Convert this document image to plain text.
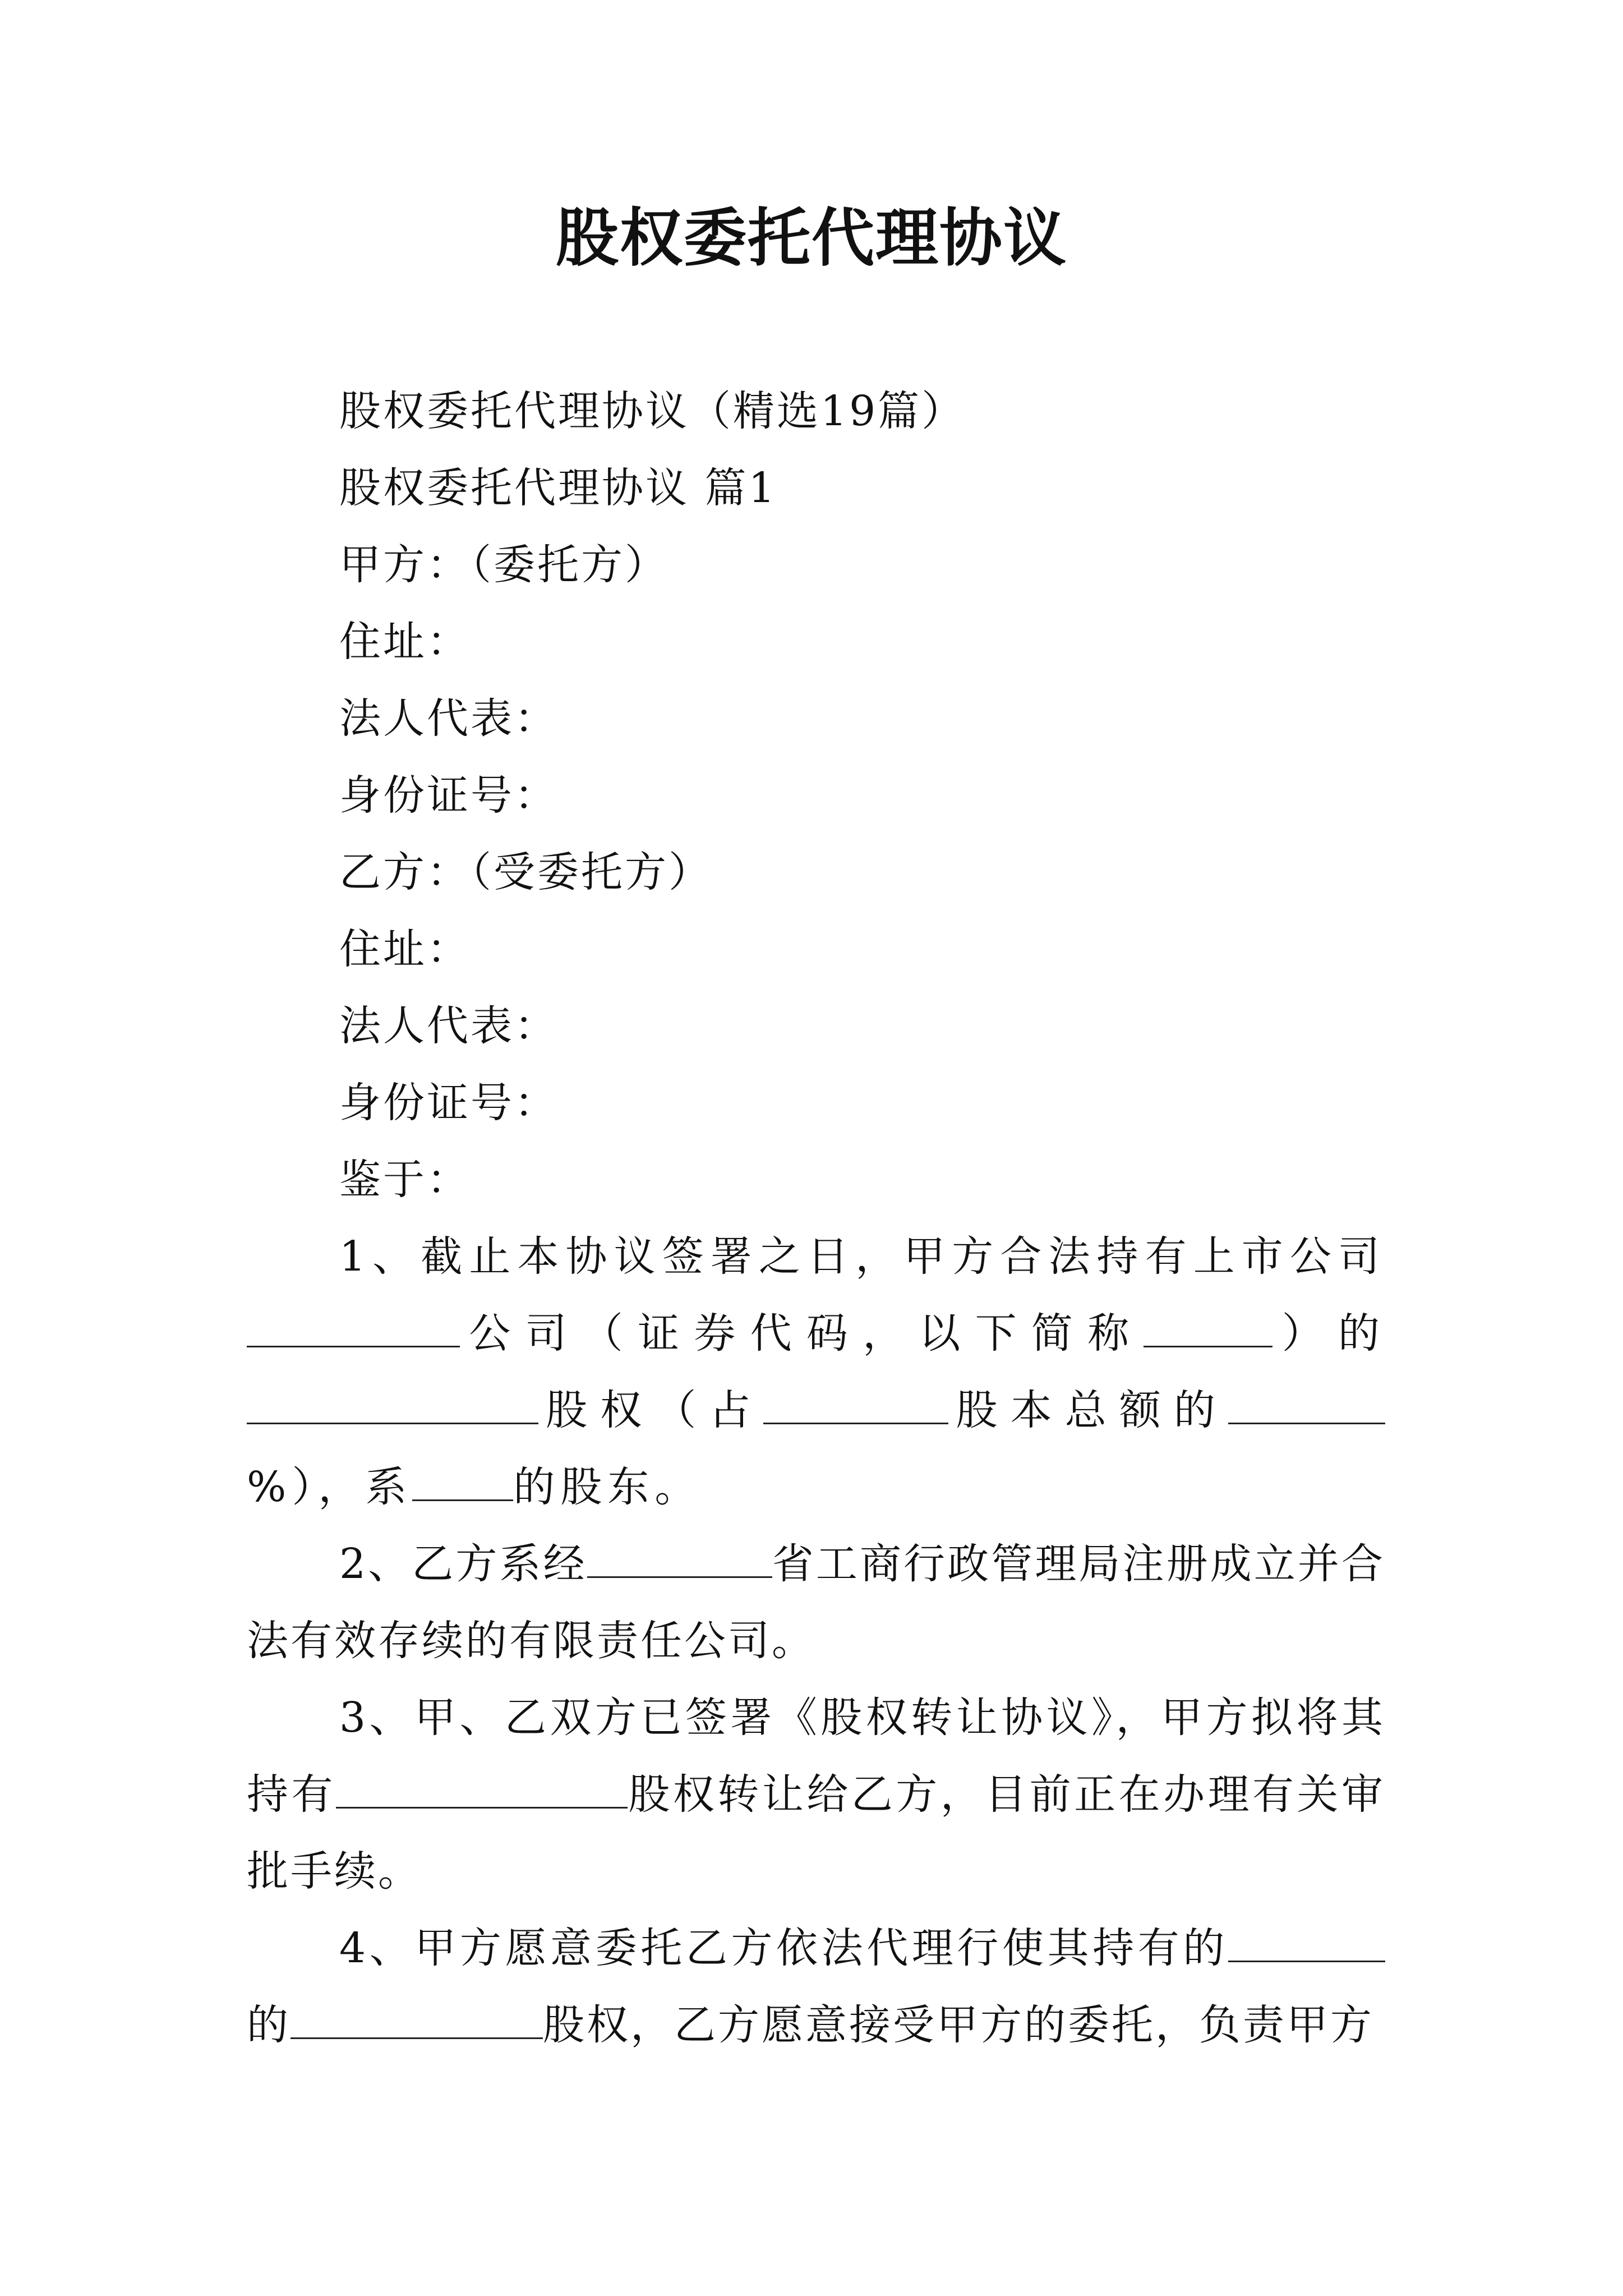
股权委托代理协议

股权委托代理协议（精选19篇）

股权委托代理协议 篇1

甲方：（委托方）

住址：

法人代表：

身份证号：

乙方：（受委托方）

住址：

法人代表：

身份证号：

鉴于：

1、截止本协议签署之日，甲方合法持有上市公司公司（证券代码，以下简称	）的股权（占	股本总额的%），系 的股东。

2、乙方系经	省工商行政管理局注册成立并合法有效存续的有限责任公司。

3、甲、乙双方已签署《股权转让协议》，甲方拟将其持有	股权转让给乙方，目前正在办理有关审批手续。

4、甲方愿意委托乙方依法代理行使其持有的的	股权，乙方愿意接受甲方的委托，负责甲方
